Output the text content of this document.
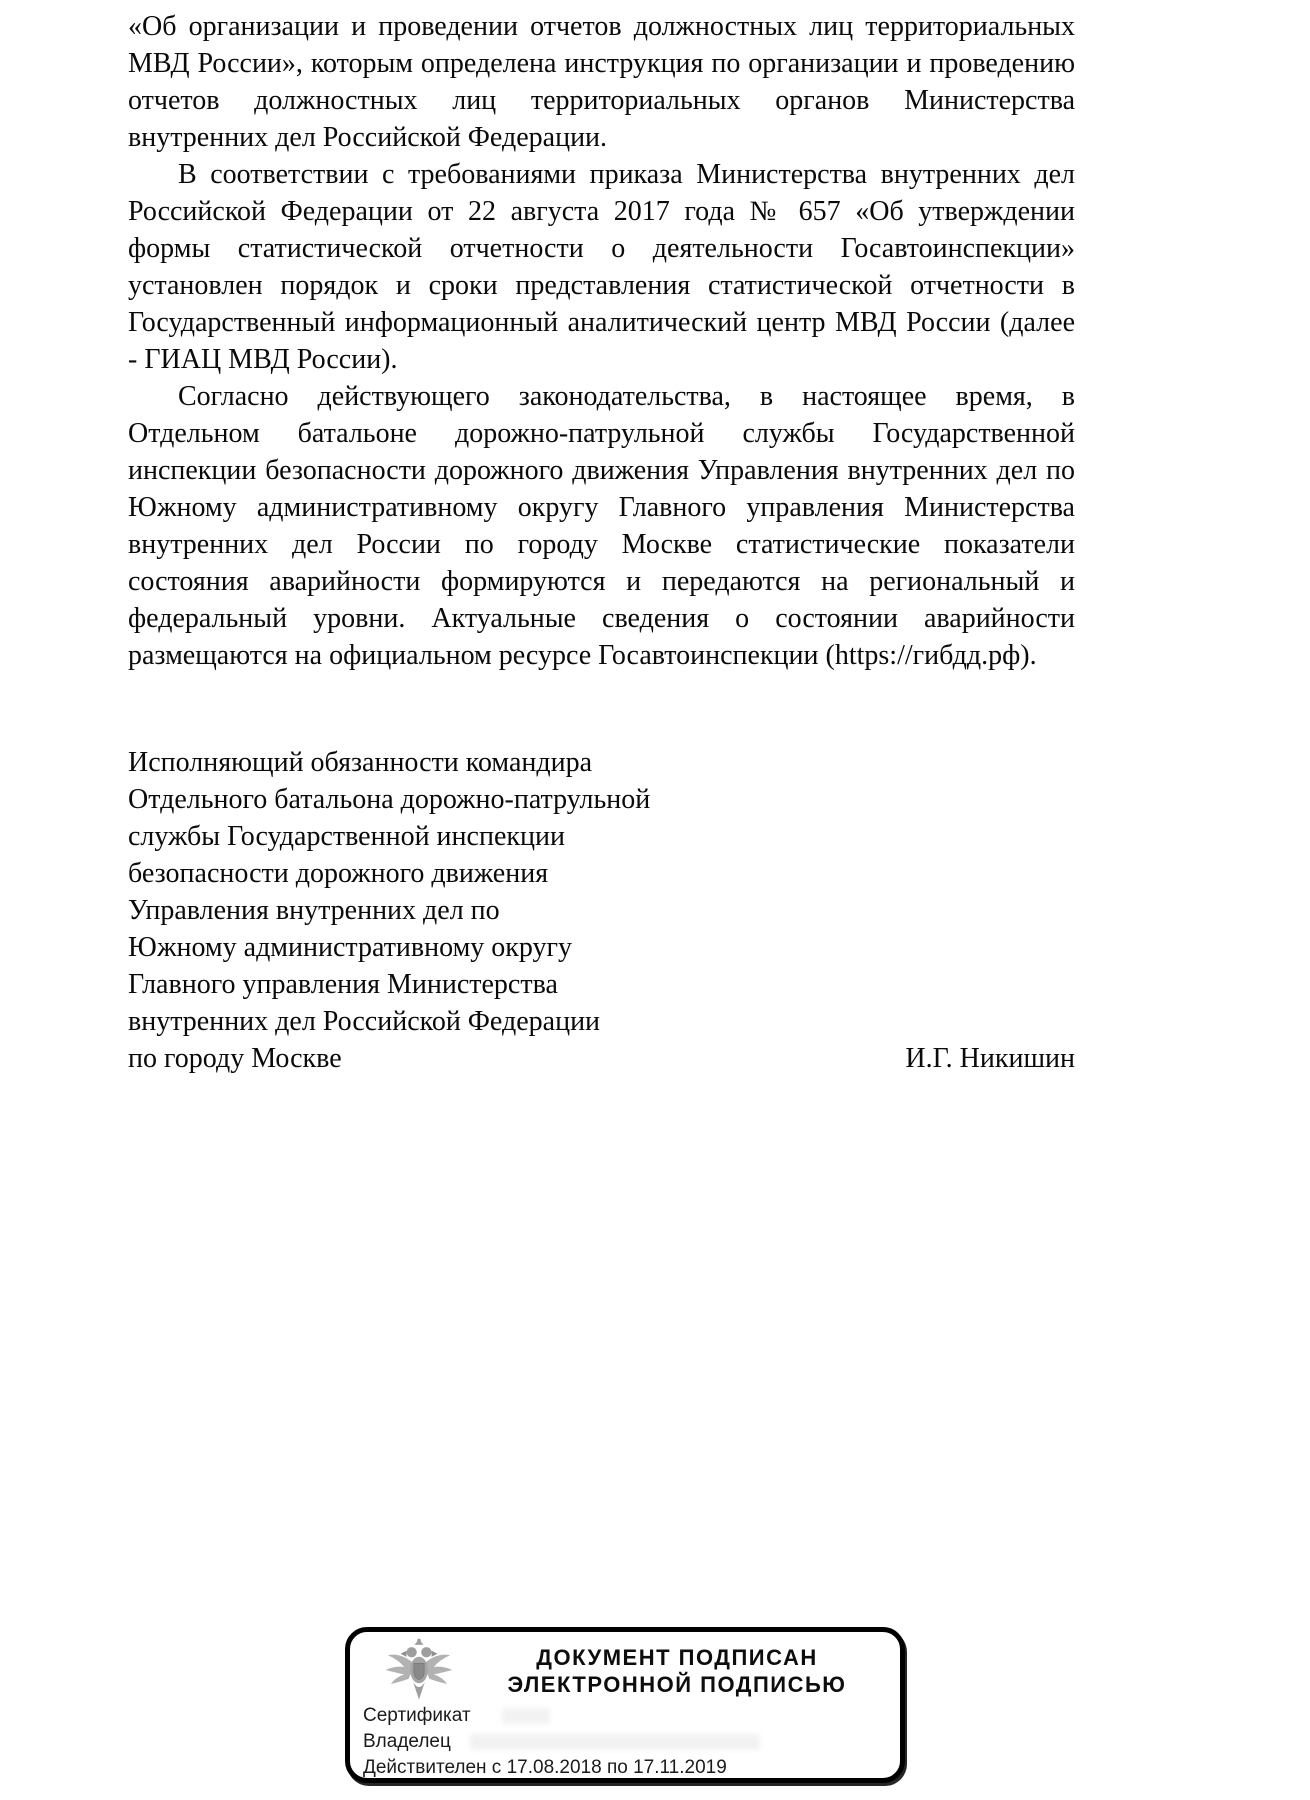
«Об организации и проведении отчетов должностных лиц территориальных МВД России», которым определена инструкция по организации и проведению отчетов должностных лиц территориальных органов Министерства внутренних дел Российской Федерации.

В соответствии с требованиями приказа Министерства внутренних дел Российской Федерации от 22 августа 2017 года № 657 «Об утверждении формы статистической отчетности о деятельности Госавтоинспекции» установлен порядок и сроки представления статистической отчетности в Государственный информационный аналитический центр МВД России (далее - ГИАЦ МВД России).

Согласно действующего законодательства, в настоящее время, в Отдельном батальоне дорожно-патрульной службы Государственной инспекции безопасности дорожного движения Управления внутренних дел по Южному административному округу Главного управления Министерства внутренних дел России по городу Москве статистические показатели состояния аварийности формируются и передаются на региональный и федеральный уровни. Актуальные сведения о состоянии аварийности размещаются на официальном ресурсе Госавтоинспекции (https://гибдд.рф).

Исполняющий обязанности командира
Отдельного батальона дорожно-патрульной
службы Государственной инспекции
безопасности дорожного движения
Управления внутренних дел по
Южному административному округу
Главного управления Министерства
внутренних дел Российской Федерации
по городу Москве	И.Г. Никишин
ДОКУМЕНТ ПОДПИСАН
ЭЛЕКТРОННОЙ ПОДПИСЬЮ
Сертификат
Владелец
Действителен с 17.08.2018 по 17.11.2019
